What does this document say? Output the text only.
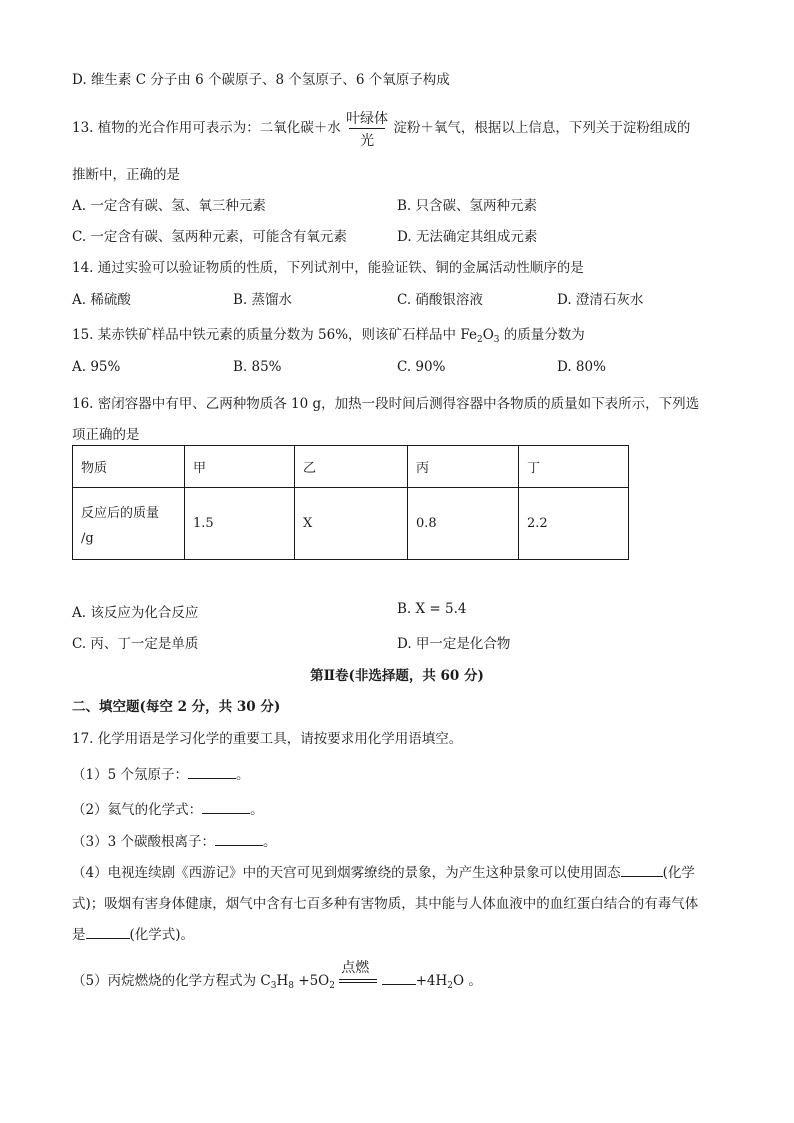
D. 维生素 C 分子由 6 个碳原子、8 个氢原子、6 个氧原子构成
13. 植物的光合作用可表示为：二氧化碳＋水
叶绿体
光
淀粉＋氧气，根据以上信息，下列关于淀粉组成的
推断中，正确的是
A. 一定含有碳、氢、氧三种元素	B. 只含碳、氢两种元素
C. 一定含有碳、氢两种元素，可能含有氧元素	D. 无法确定其组成元素
14. 通过实验可以验证物质的性质，下列试剂中，能验证铁、铜的金属活动性顺序的是
A. 稀硫酸	B. 蒸馏水	C. 硝酸银溶液	D. 澄清石灰水
15. 某赤铁矿样品中铁元素的质量分数为 56%，则该矿石样品中 $Fe_2O_3$ 的质量分数为
A. 95%	B. 85%	C. 90%	D. 80%
16. 密闭容器中有甲、乙两种物质各 10 g，加热一段时间后测得容器中各物质的质量如下表所示，下列选
项正确的是
物质	甲	乙	丙	丁

反应后的质量
/g	1.5	X	0.8	2.2
A. 该反应为化合反应	B. X = 5.4
C. 丙、丁一定是单质	D. 甲一定是化合物
第Ⅱ卷(非选择题，共 60 分)
二、填空题(每空 2 分，共 30 分)
17. 化学用语是学习化学的重要工具，请按要求用化学用语填空。
（1）5 个氖原子：	。
（2）氦气的化学式：	。
（3）3 个碳酸根离子：	。
（4）电视连续剧《西游记》中的天宫可见到烟雾缭绕的景象，为产生这种景象可以使用固态	(化学
式)；吸烟有害身体健康，烟气中含有七百多种有害物质，其中能与人体血液中的血红蛋白结合的有毒气体
是	(化学式)。
（5）丙烷燃烧的化学方程式为 $C_3H_8 +5O_2$
点燃
$+4H_2O$ 。
